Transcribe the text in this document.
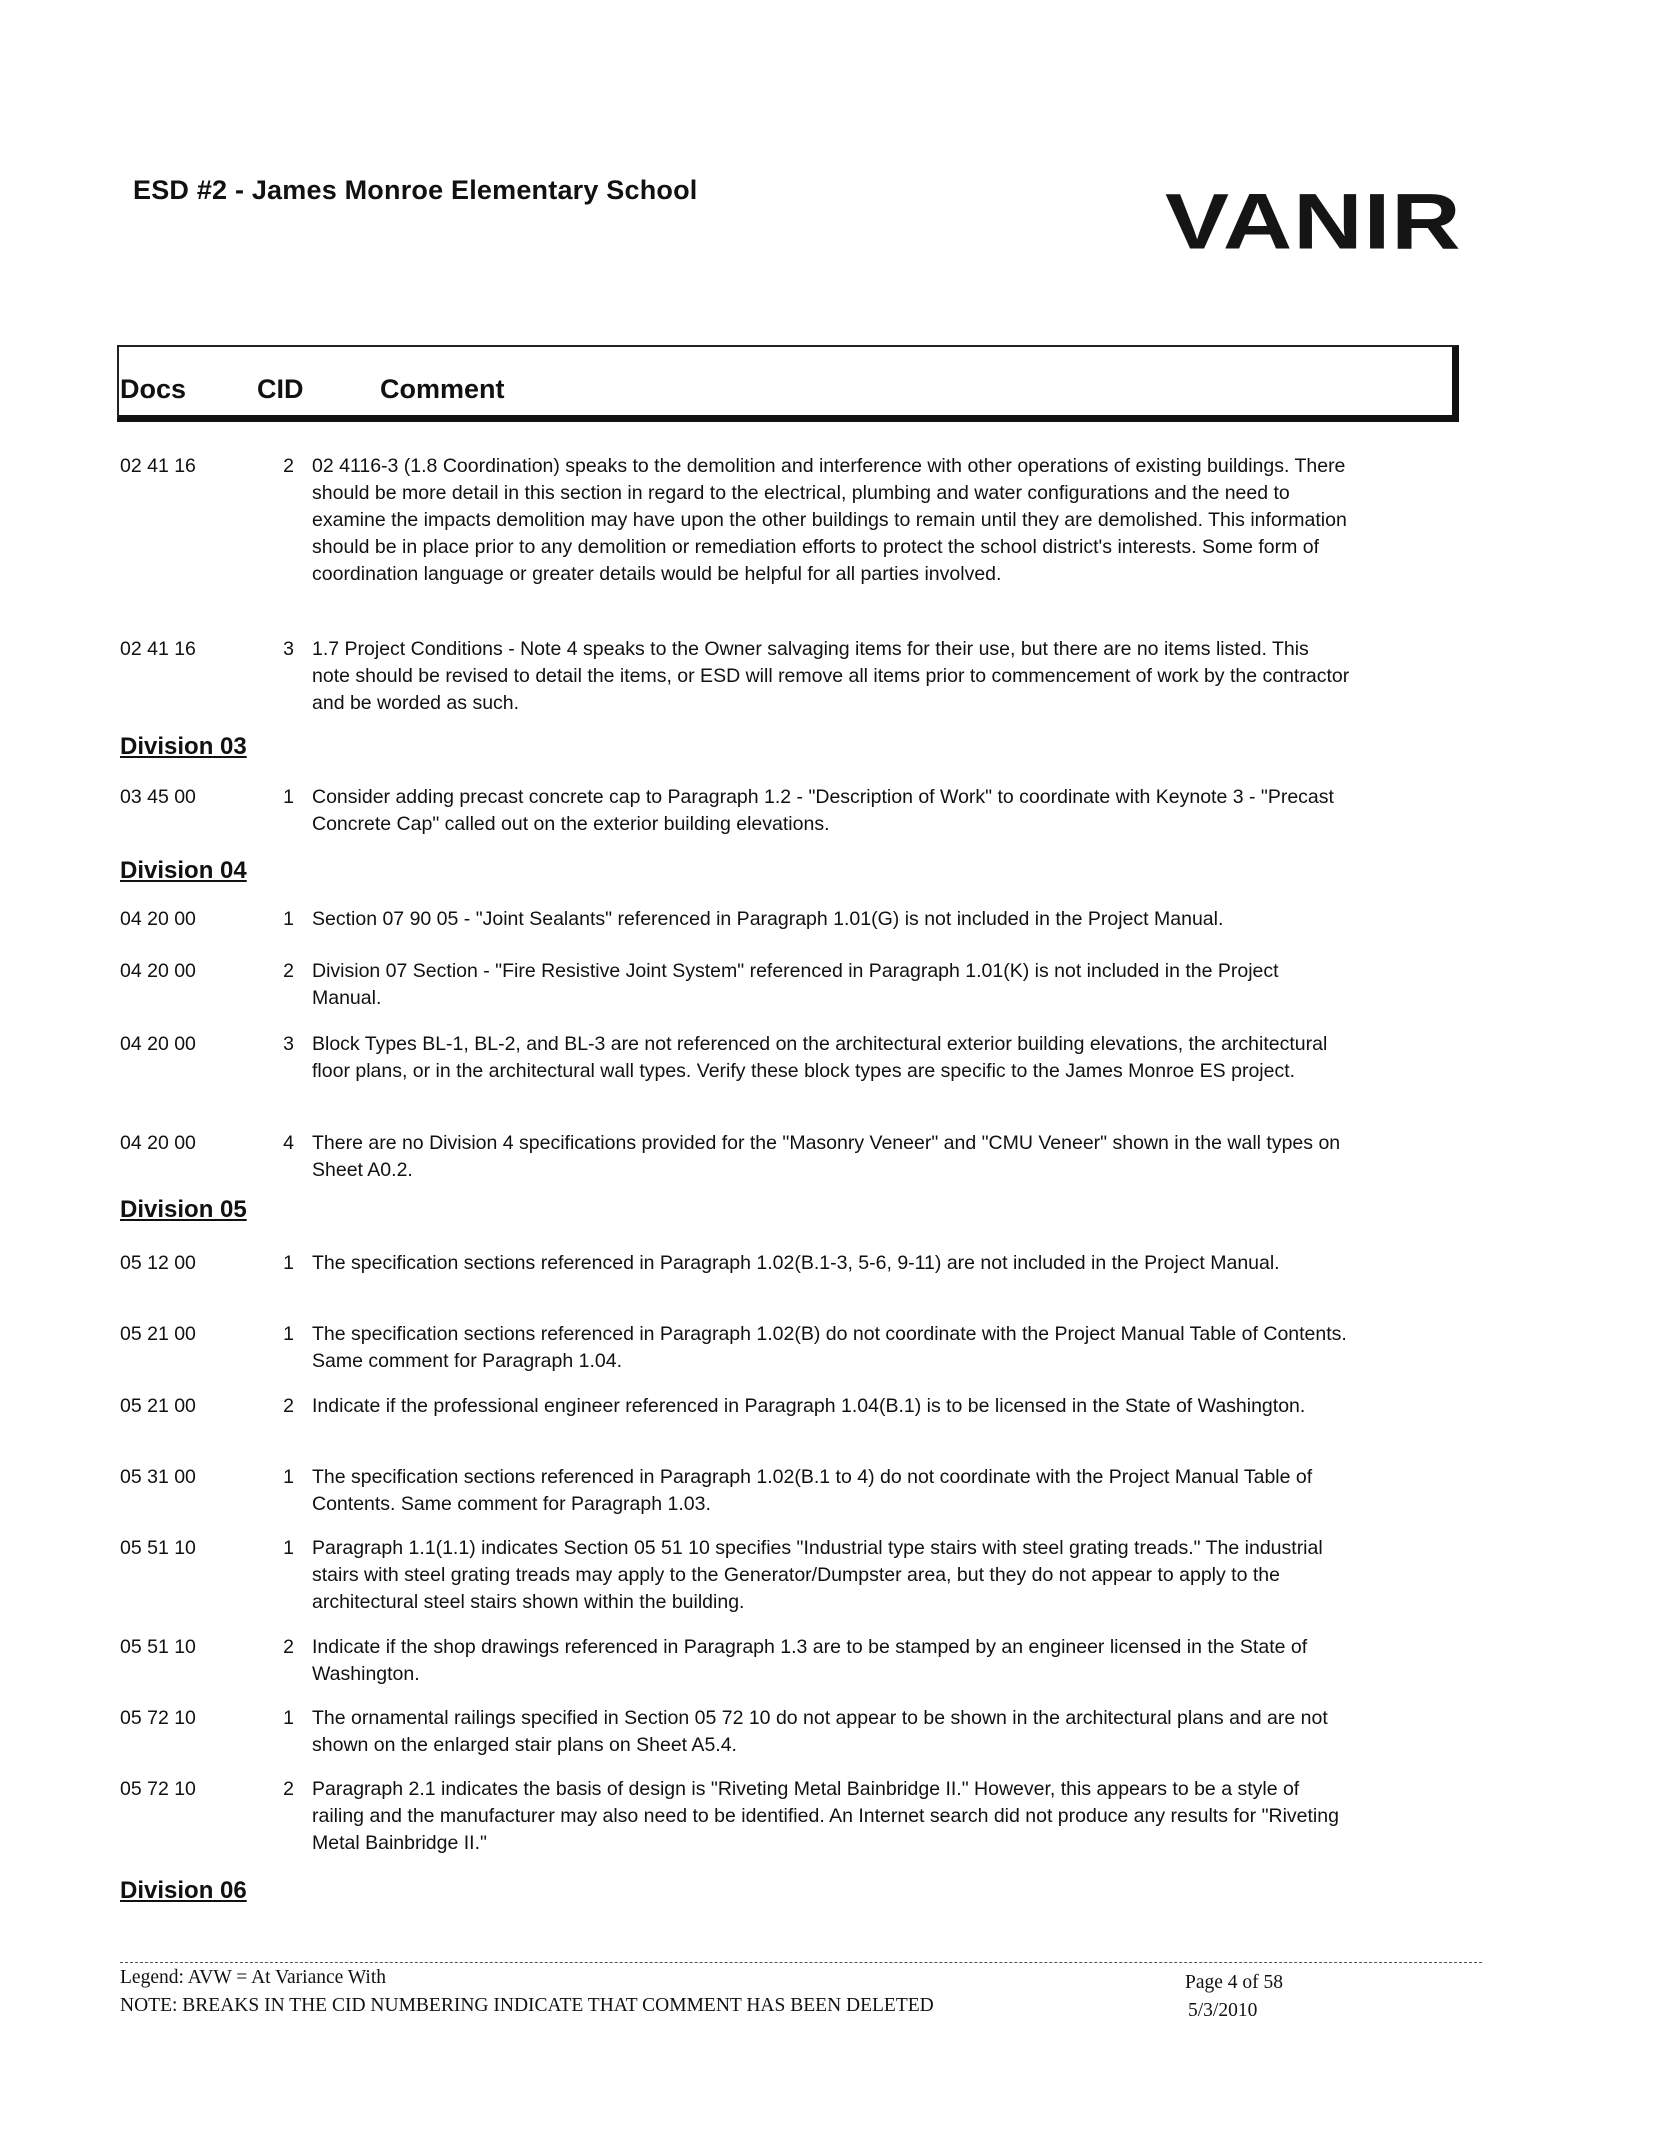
ESD #2 - James Monroe Elementary School	VANIR
Docs	CID	Comment
02 41 16	2 02 4116-3 (1.8 Coordination) speaks to the demolition and interference with other operations of existing buildings. There should be more detail in this section in regard to the electrical, plumbing and water configurations and the need to examine the impacts demolition may have upon the other buildings to remain until they are demolished. This information should be in place prior to any demolition or remediation efforts to protect the school district's interests. Some form of coordination language or greater details would be helpful for all parties involved.
02 41 16	3 1.7 Project Conditions - Note 4 speaks to the Owner salvaging items for their use, but there are no items listed. This note should be revised to detail the items, or ESD will remove all items prior to commencement of work by the contractor and be worded as such.
Division 03
03 45 00	1 Consider adding precast concrete cap to Paragraph 1.2 - "Description of Work" to coordinate with Keynote 3 - "Precast Concrete Cap" called out on the exterior building elevations.
Division 04
04 20 00	1 Section 07 90 05 - "Joint Sealants" referenced in Paragraph 1.01(G) is not included in the Project Manual.
04 20 00	2 Division 07 Section - "Fire Resistive Joint System" referenced in Paragraph 1.01(K) is not included in the Project Manual.
04 20 00	3 Block Types BL-1, BL-2, and BL-3 are not referenced on the architectural exterior building elevations, the architectural floor plans, or in the architectural wall types. Verify these block types are specific to the James Monroe ES project.
04 20 00	4 There are no Division 4 specifications provided for the "Masonry Veneer" and "CMU Veneer" shown in the wall types on Sheet A0.2.
Division 05
05 12 00	1 The specification sections referenced in Paragraph 1.02(B.1-3, 5-6, 9-11) are not included in the Project Manual.
05 21 00	1 The specification sections referenced in Paragraph 1.02(B) do not coordinate with the Project Manual Table of Contents. Same comment for Paragraph 1.04.
05 21 00	2 Indicate if the professional engineer referenced in Paragraph 1.04(B.1) is to be licensed in the State of Washington.
05 31 00	1 The specification sections referenced in Paragraph 1.02(B.1 to 4) do not coordinate with the Project Manual Table of Contents. Same comment for Paragraph 1.03.
05 51 10	1 Paragraph 1.1(1.1) indicates Section 05 51 10 specifies "Industrial type stairs with steel grating treads." The industrial stairs with steel grating treads may apply to the Generator/Dumpster area, but they do not appear to apply to the architectural steel stairs shown within the building.
05 51 10	2 Indicate if the shop drawings referenced in Paragraph 1.3 are to be stamped by an engineer licensed in the State of Washington.
05 72 10	1 The ornamental railings specified in Section 05 72 10 do not appear to be shown in the architectural plans and are not shown on the enlarged stair plans on Sheet A5.4.
05 72 10	2 Paragraph 2.1 indicates the basis of design is "Riveting Metal Bainbridge II." However, this appears to be a style of railing and the manufacturer may also need to be identified. An Internet search did not produce any results for "Riveting Metal Bainbridge II."
Division 06
Legend: AVW = At Variance With
NOTE: BREAKS IN THE CID NUMBERING INDICATE THAT COMMENT HAS BEEN DELETED
Page 4 of 58
5/3/2010
